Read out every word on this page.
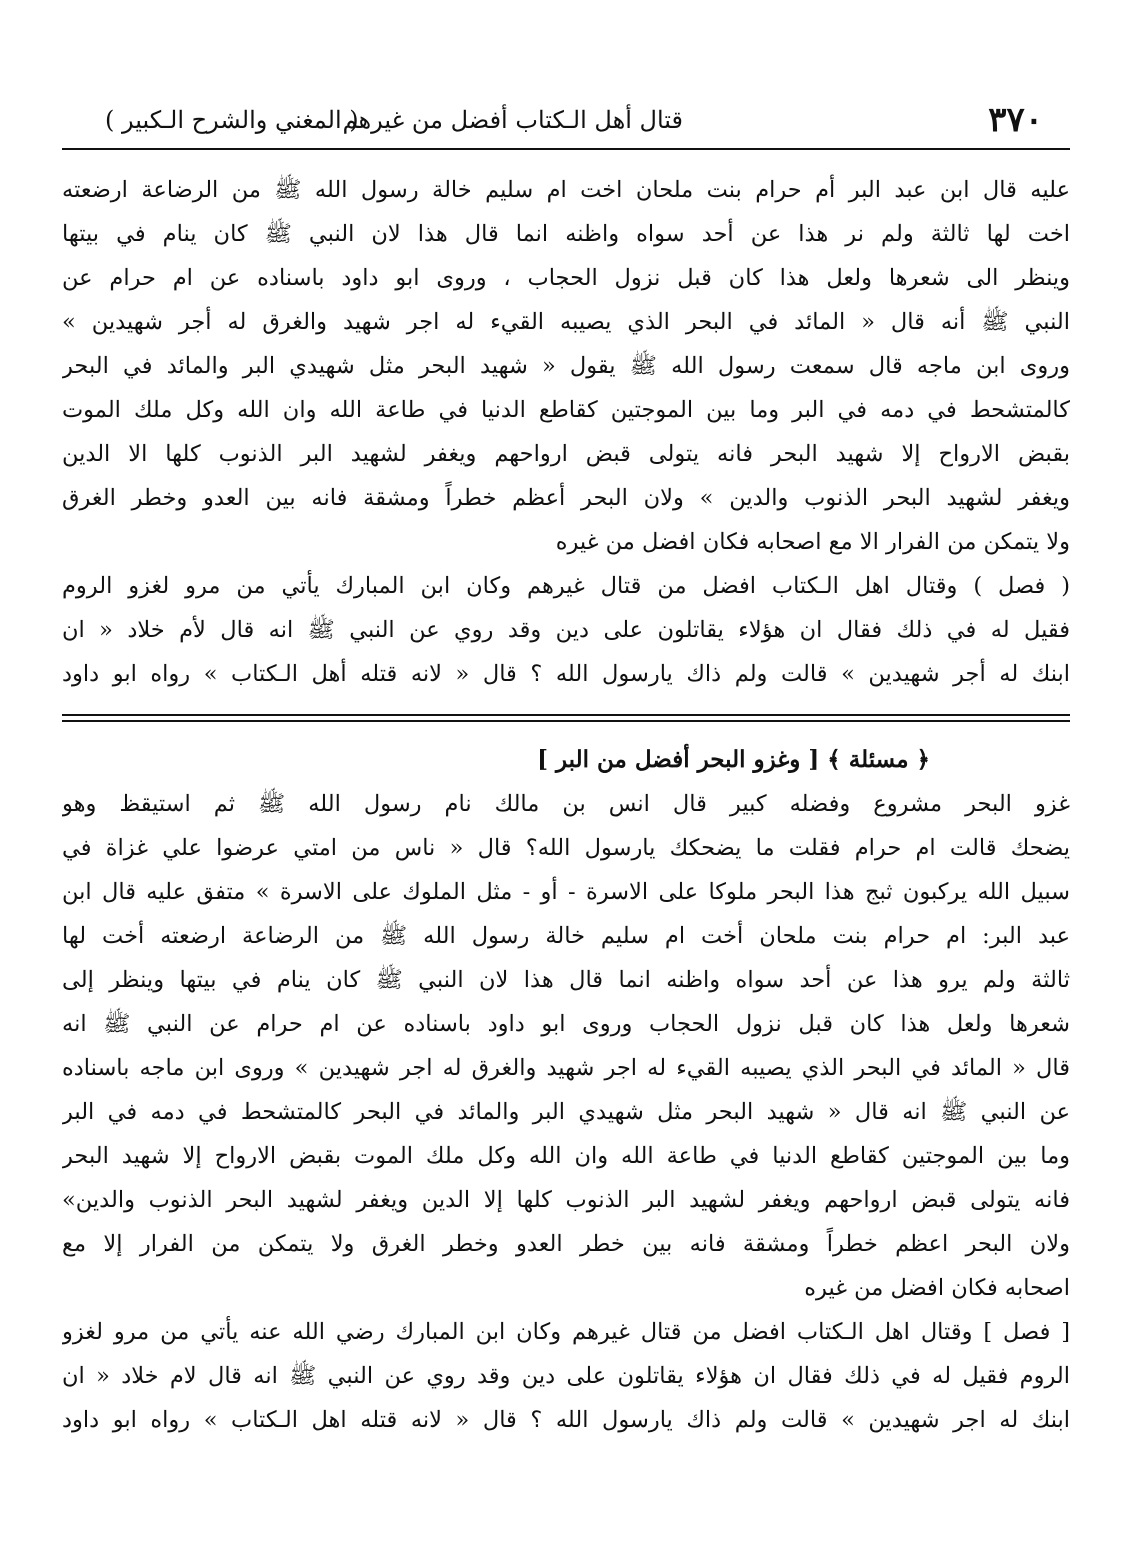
٣٧٠
قتال أهل الـكتاب أفضل من غيرهم
( المغني والشرح الـكبير )
عليه قال ابن عبد البر أم حرام بنت ملحان اخت ام سليم خالة رسول الله ﷺ من الرضاعة ارضعته
اخت لها ثالثة ولم نر هذا عن أحد سواه واظنه انما قال هذا لان النبي ﷺ كان ينام في بيتها
وينظر الى شعرها ولعل هذا كان قبل نزول الحجاب ، وروى ابو داود باسناده عن ام حرام عن
النبي ﷺ أنه قال « المائد في البحر الذي يصيبه القيء له اجر شهيد والغرق له أجر شهيدين »
وروى ابن ماجه قال سمعت رسول الله ﷺ يقول « شهيد البحر مثل شهيدي البر والمائد في البحر
كالمتشحط في دمه في البر وما بين الموجتين كقاطع الدنيا في طاعة الله وان الله وكل ملك الموت
بقبض الارواح إلا شهيد البحر فانه يتولى قبض ارواحهم ويغفر لشهيد البر الذنوب كلها الا الدين
ويغفر لشهيد البحر الذنوب والدين » ولان البحر أعظم خطراً ومشقة فانه بين العدو وخطر الغرق
ولا يتمكن من الفرار الا مع اصحابه فكان افضل من غيره
( فصل ) وقتال اهل الـكتاب افضل من قتال غيرهم وكان ابن المبارك يأتي من مرو لغزو الروم
فقيل له في ذلك فقال ان هؤلاء يقاتلون على دين وقد روي عن النبي ﷺ انه قال لأم خلاد « ان
ابنك له أجر شهيدين » قالت ولم ذاك يارسول الله ؟ قال « لانه قتله أهل الـكتاب » رواه ابو داود
﴿ مسئلة ﴾ [ وغزو البحر أفضل من البر ]
غزو البحر مشروع وفضله كبير قال انس بن مالك نام رسول الله ﷺ ثم استيقظ وهو
يضحك قالت ام حرام فقلت ما يضحكك يارسول الله؟ قال « ناس من امتي عرضوا علي غزاة في
سبيل الله يركبون ثبج هذا البحر ملوكا على الاسرة - أو - مثل الملوك على الاسرة » متفق عليه قال ابن
عبد البر: ام حرام بنت ملحان أخت ام سليم خالة رسول الله ﷺ من الرضاعة ارضعته أخت لها
ثالثة ولم يرو هذا عن أحد سواه واظنه انما قال هذا لان النبي ﷺ كان ينام في بيتها وينظر إلى
شعرها ولعل هذا كان قبل نزول الحجاب وروى ابو داود باسناده عن ام حرام عن النبي ﷺ انه
قال « المائد في البحر الذي يصيبه القيء له اجر شهيد والغرق له اجر شهيدين » وروى ابن ماجه باسناده
عن النبي ﷺ انه قال « شهيد البحر مثل شهيدي البر والمائد في البحر كالمتشحط في دمه في البر
وما بين الموجتين كقاطع الدنيا في طاعة الله وان الله وكل ملك الموت بقبض الارواح إلا شهيد البحر
فانه يتولى قبض ارواحهم ويغفر لشهيد البر الذنوب كلها إلا الدين ويغفر لشهيد البحر الذنوب والدين»
ولان البحر اعظم خطراً ومشقة فانه بين خطر العدو وخطر الغرق ولا يتمكن من الفرار إلا مع
اصحابه فكان افضل من غيره
[ فصل ] وقتال اهل الـكتاب افضل من قتال غيرهم وكان ابن المبارك رضي الله عنه يأتي من مرو لغزو
الروم فقيل له في ذلك فقال ان هؤلاء يقاتلون على دين وقد روي عن النبي ﷺ انه قال لام خلاد « ان
ابنك له اجر شهيدين » قالت ولم ذاك يارسول الله ؟ قال « لانه قتله اهل الـكتاب » رواه ابو داود
